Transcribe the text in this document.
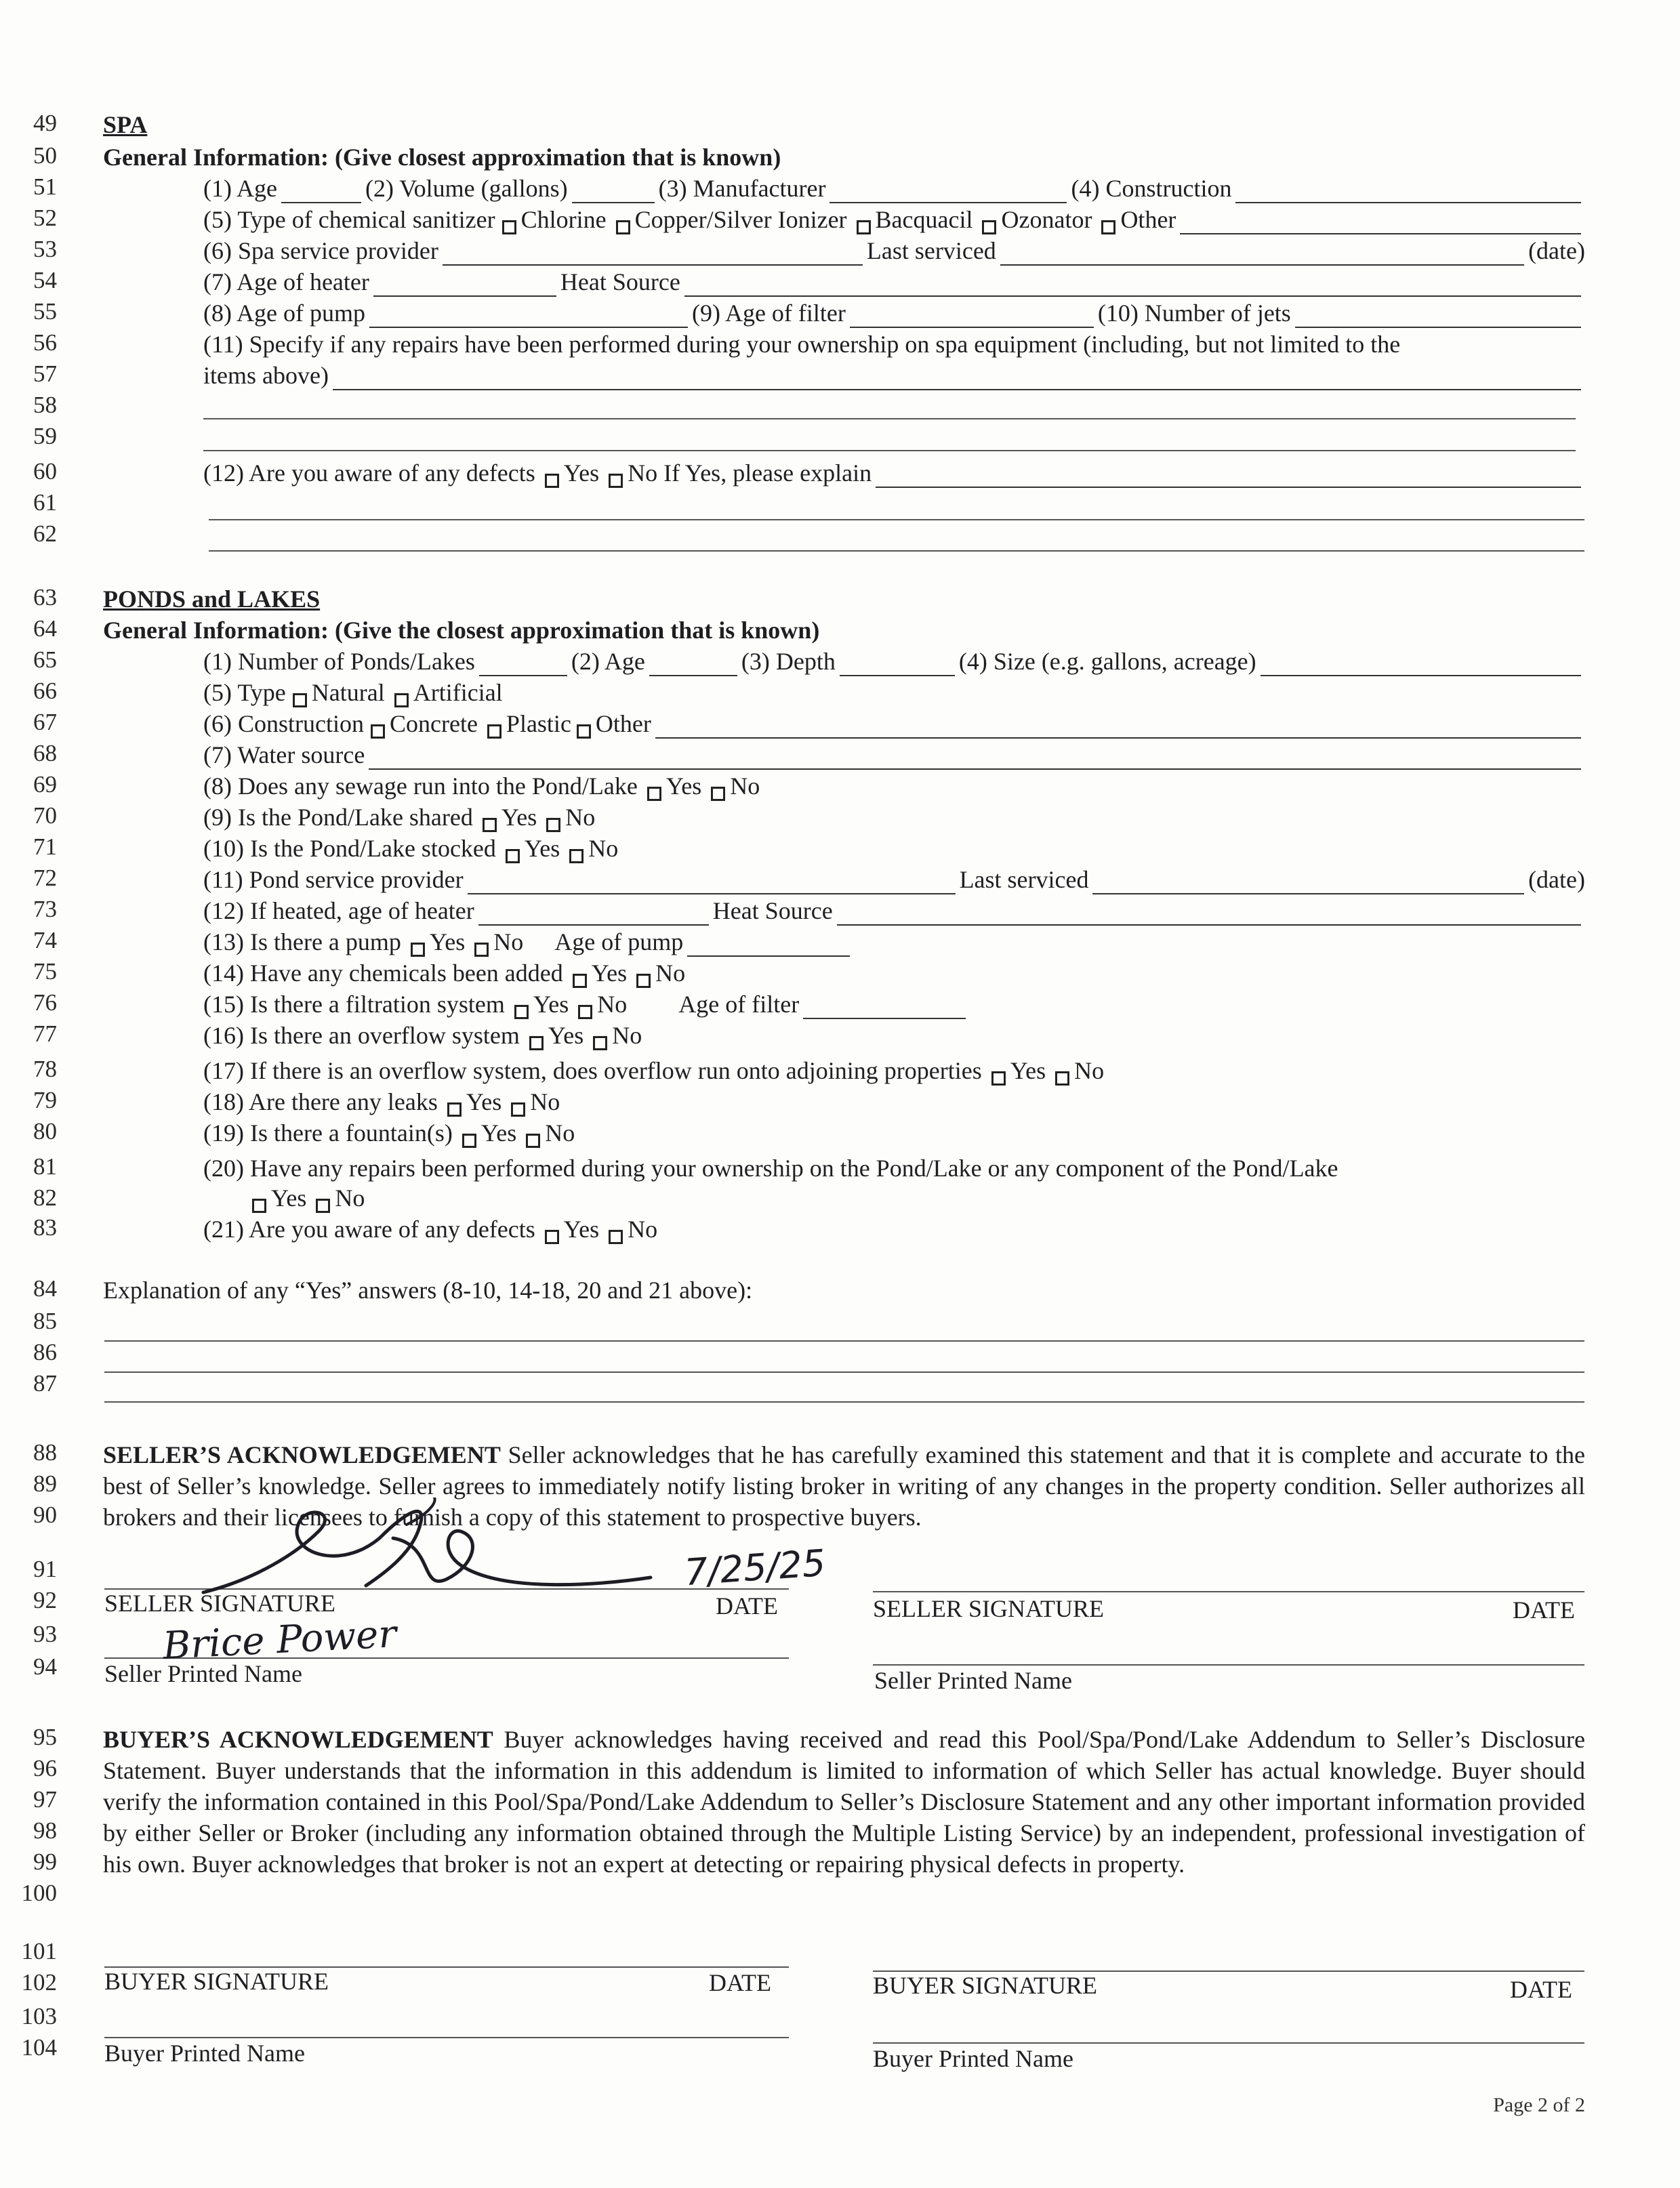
49
50
51
52
53
54
55
56
57
58
59
60
61
62
63
64
65
66
67
68
69
70
71
72
73
74
75
76
77
78
79
80
81
82
83
84
85
86
87
88
89
90
91
92
93
94
95
96
97
98
99
100
101
102
103
104
SPA
General Information: (Give closest approximation that is known)
(1) Age	(2) Volume (gallons)	(3) Manufacturer	(4) Construction
(5) Type of chemical sanitizer Chlorine Copper/Silver Ionizer Bacquacil Ozonator Other
(6) Spa service provider	Last serviced	(date)
(7) Age of heater	Heat Source
(8) Age of pump	(9) Age of filter	(10) Number of jets
(11) Specify if any repairs have been performed during your ownership on spa equipment (including, but not limited to the
items above)
(12) Are you aware of any defects Yes No If Yes, please explain
PONDS and LAKES
General Information: (Give the closest approximation that is known)
(1) Number of Ponds/Lakes	(2) Age	(3) Depth	(4) Size (e.g. gallons, acreage)
(5) Type Natural Artificial
(6) Construction Concrete Plastic Other
(7) Water source
(8) Does any sewage run into the Pond/Lake Yes No
(9) Is the Pond/Lake shared Yes No
(10) Is the Pond/Lake stocked Yes No
(11) Pond service provider	Last serviced	(date)
(12) If heated, age of heater	Heat Source
(13) Is there a pump Yes No Age of pump
(14) Have any chemicals been added Yes No
(15) Is there a filtration system Yes No Age of filter
(16) Is there an overflow system Yes No
(17) If there is an overflow system, does overflow run onto adjoining properties Yes No
(18) Are there any leaks Yes No
(19) Is there a fountain(s) Yes No
(20) Have any repairs been performed during your ownership on the Pond/Lake or any component of the Pond/Lake
Yes No
(21) Are you aware of any defects Yes No
Explanation of any “Yes” answers (8-10, 14-18, 20 and 21 above):
SELLER’S ACKNOWLEDGEMENT Seller acknowledges that he has carefully examined this statement and that it is complete and accurate to the best of Seller’s knowledge. Seller agrees to immediately notify listing broker in writing of any changes in the property condition. Seller authorizes all brokers and their licensees to furnish a copy of this statement to prospective buyers.
SELLER SIGNATURE	DATE	SELLER SIGNATURE	DATE
Seller Printed Name	Seller Printed Name
7/25/25
Brice Power
BUYER’S ACKNOWLEDGEMENT Buyer acknowledges having received and read this Pool/Spa/Pond/Lake Addendum to Seller’s Disclosure Statement. Buyer understands that the information in this addendum is limited to information of which Seller has actual knowledge. Buyer should verify the information contained in this Pool/Spa/Pond/Lake Addendum to Seller’s Disclosure Statement and any other important information provided by either Seller or Broker (including any information obtained through the Multiple Listing Service) by an independent, professional investigation of his own. Buyer acknowledges that broker is not an expert at detecting or repairing physical defects in property.
BUYER SIGNATURE	DATE	BUYER SIGNATURE	DATE
Buyer Printed Name	Buyer Printed Name
Page 2 of 2
